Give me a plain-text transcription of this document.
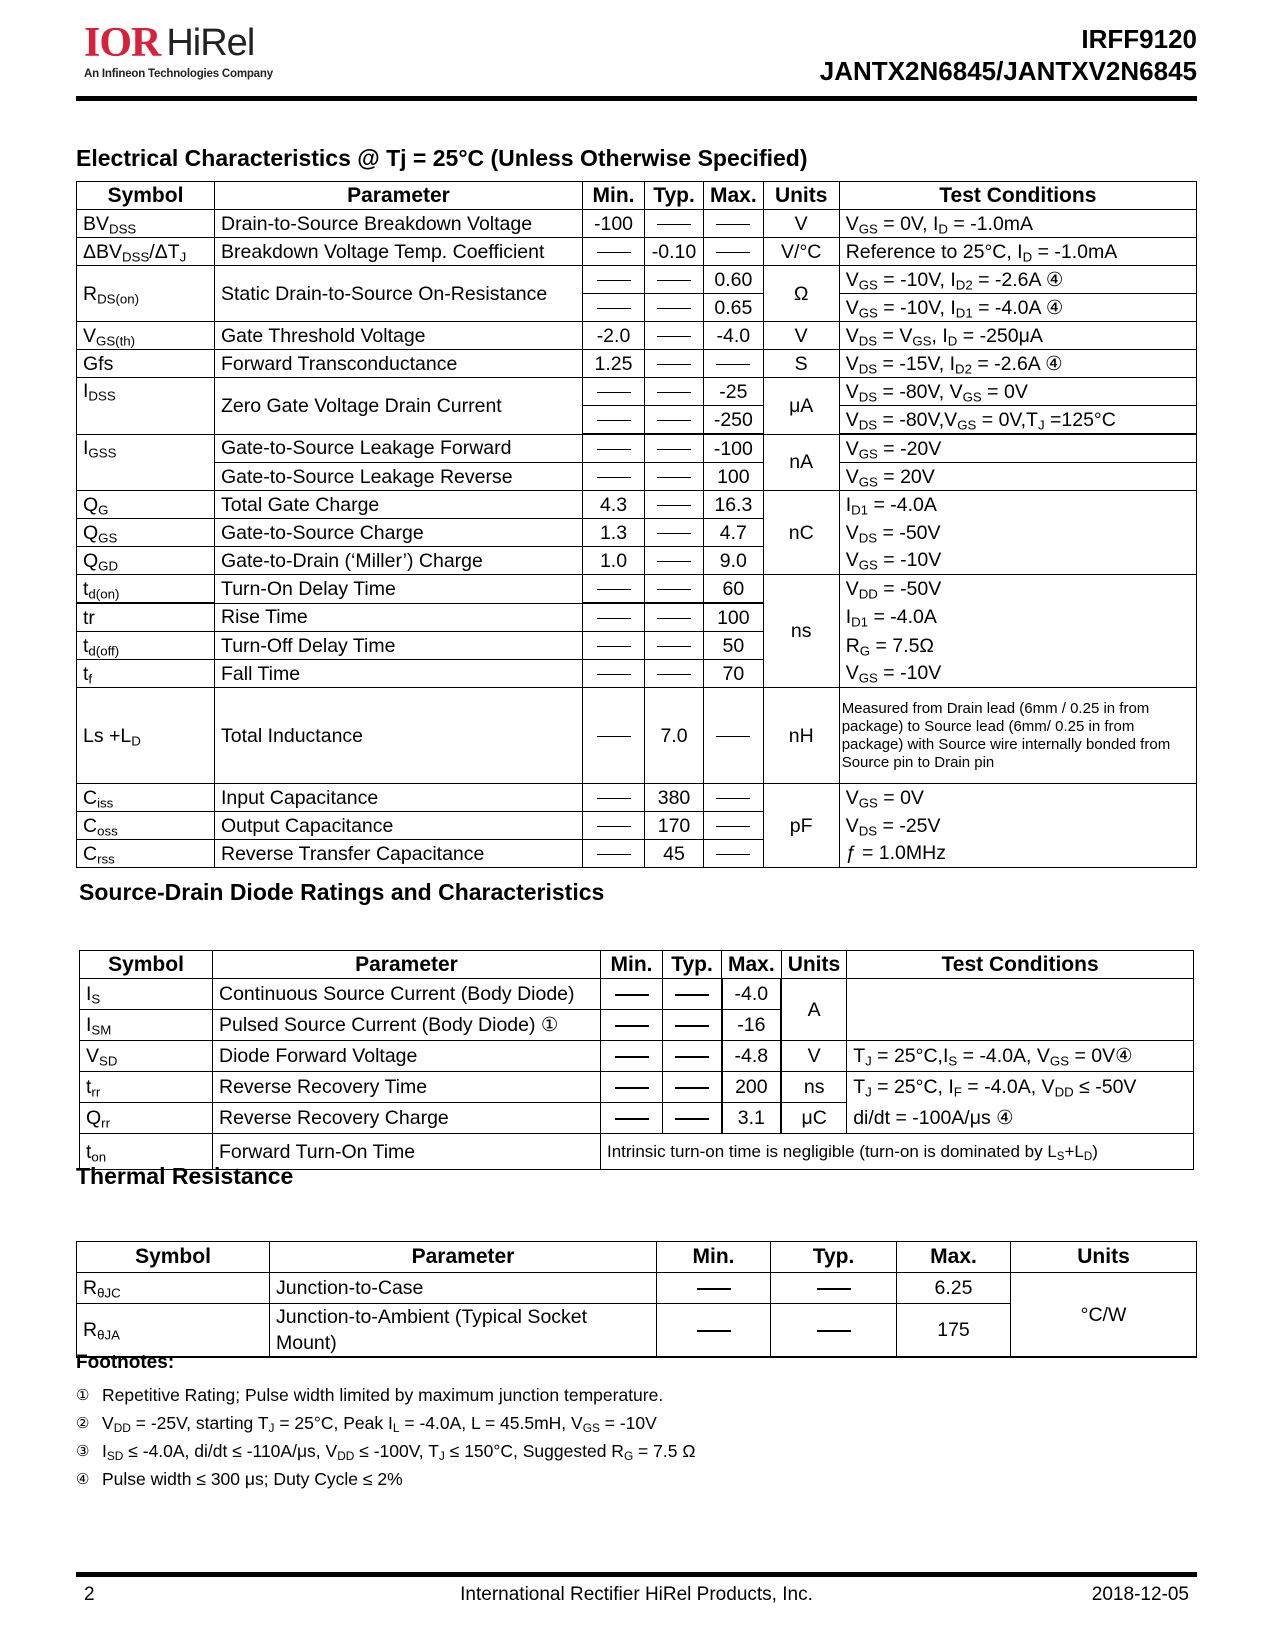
IOR HiRel
An Infineon Technologies Company
IRFF9120
JANTX2N6845/JANTXV2N6845
Electrical Characteristics @ Tj = 25°C (Unless Otherwise Specified)
Symbol	Parameter	Min.	Typ.	Max.	Units	Test Conditions
$BV_{DSS}$	Drain-to-Source Breakdown Voltage	-100			V	$V_{GS} = 0V$, $I_D = -1.0mA$
$\Delta BV_{DSS}/\Delta T_J$	Breakdown Voltage Temp. Coefficient		-0.10		V/°C	Reference to 25°C, $I_D = -1.0mA$
$R_{DS(on)}$	Static Drain-to-Source On-Resistance			0.60	Ω	$V_{GS} = -10V$, $I_{D2} = -2.6A$ ④
				0.65		$V_{GS} = -10V$, $I_{D1} = -4.0A$ ④
$V_{GS(th)}$	Gate Threshold Voltage	-2.0		-4.0	V	$V_{DS} = V_{GS}$, $I_D = -250\mu A$
Gfs	Forward Transconductance	1.25			S	$V_{DS} = -15V$, $I_{D2} = -2.6A$ ④
$I_{DSS}$	Zero Gate Voltage Drain Current			-25	μA	$V_{DS} = -80V$, $V_{GS} = 0V$
				-250		$V_{DS} = -80V,V_{GS} = 0V,T_J =125^\circ C$
$I_{GSS}$	Gate-to-Source Leakage Forward			-100	nA	$V_{GS} = -20V$
	Gate-to-Source Leakage Reverse			100		$V_{GS} = 20V$
$Q_G$	Total Gate Charge	4.3		16.3	nC	$I_{D1} = -4.0A$
$Q_{GS}$	Gate-to-Source Charge	1.3		4.7		$V_{DS} = -50V$
$Q_{GD}$	Gate-to-Drain (‘Miller’) Charge	1.0		9.0		$V_{GS} = -10V$
$t_{d(on)}$	Turn-On Delay Time			60	ns	$V_{DD} = -50V$
tr	Rise Time			100		$I_{D1} = -4.0A$
$t_{d(off)}$	Turn-Off Delay Time			50		$R_G = 7.5\Omega$
$t_f$	Fall Time			70		$V_{GS} = -10V$
$Ls +L_D$	Total Inductance		7.0		nH	Measured from Drain lead (6mm / 0.25 in from package) to Source lead (6mm/ 0.25 in from package) with Source wire internally bonded from Source pin to Drain pin
$C_{iss}$	Input Capacitance		380		pF	$V_{GS} = 0V$
$C_{oss}$	Output Capacitance		170			$V_{DS} = -25V$
$C_{rss}$	Reverse Transfer Capacitance		45			ƒ = 1.0MHz
Source-Drain Diode Ratings and Characteristics
Symbol	Parameter	Min.	Typ.	Max.	Units	Test Conditions
$I_S$	Continuous Source Current (Body Diode)			-4.0	A	
$I_{SM}$	Pulsed Source Current (Body Diode) ①			-16		
$V_{SD}$	Diode Forward Voltage			-4.8	V	$T_J = 25^\circ C,I_S = -4.0A$, $V_{GS}$ = 0V④
$t_{rr}$	Reverse Recovery Time			200	ns	$T_J = 25^\circ C$, $I_F = -4.0A$, $V_{DD} \le -50V$
$Q_{rr}$	Reverse Recovery Charge			3.1	μC	di/dt = -100A/μs ④
$t_{on}$	Forward Turn-On Time	Intrinsic turn-on time is negligible (turn-on is dominated by $L_S+L_D$)				
Thermal Resistance
Symbol	Parameter	Min.	Typ.	Max.	Units
$R_{\theta JC}$	Junction-to-Case			6.25	°C/W
$R_{\theta JA}$	Junction-to-Ambient (Typical Socket Mount)			175	
Footnotes:
① Repetitive Rating; Pulse width limited by maximum junction temperature.
② $V_{DD} = -25V$, starting $T_J = 25^\circ C$, Peak $I_L = -4.0A$, L = 45.5mH, $V_{GS} = -10V$
③ $I_{SD} \le -4.0A$, di/dt ≤ -110A/μs, $V_{DD} \le -100V$, $T_J \le 150^\circ C$, Suggested $R_G = 7.5$ Ω
④ Pulse width ≤ 300 μs; Duty Cycle ≤ 2%
2	International Rectifier HiRel Products, Inc.	2018-12-05
